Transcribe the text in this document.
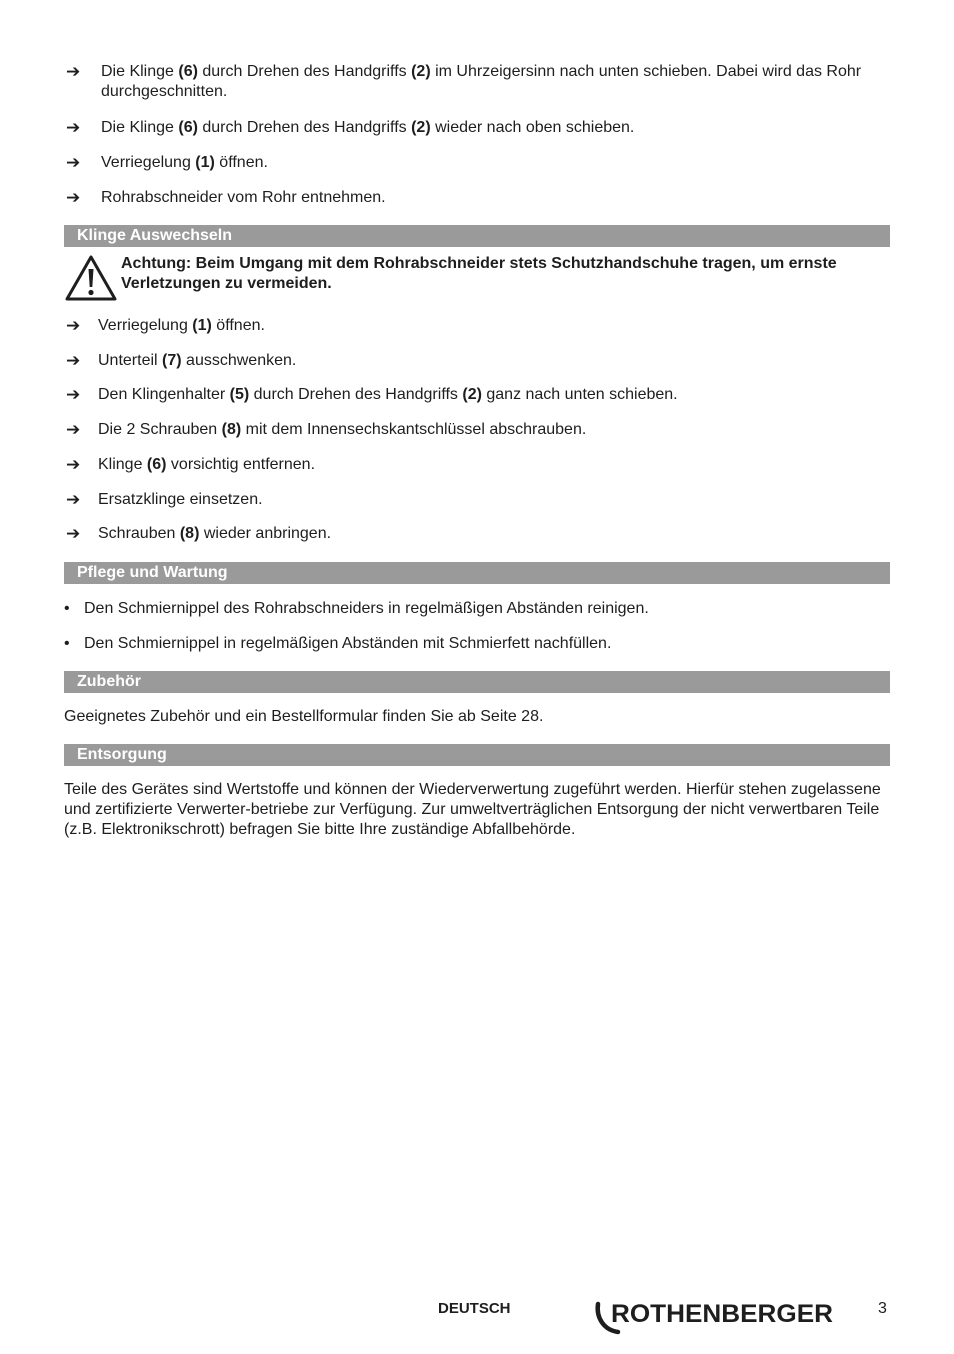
➔	Die Klinge (6) durch Drehen des Handgriffs (2) im Uhrzeigersinn nach unten schieben. Dabei wird das Rohr durchgeschnitten.
➔	Die Klinge (6) durch Drehen des Handgriffs (2) wieder nach oben schieben.
➔	Verriegelung (1) öffnen.
➔	Rohrabschneider vom Rohr entnehmen.
Klinge Auswechseln
Achtung: Beim Umgang mit dem Rohrabschneider stets Schutzhandschuhe tragen, um ernste Verletzungen zu vermeiden.
➔	Verriegelung (1) öffnen.
➔	Unterteil (7) ausschwenken.
➔	Den Klingenhalter (5) durch Drehen des Handgriffs (2) ganz nach unten schieben.
➔	Die 2 Schrauben (8) mit dem Innensechskantschlüssel abschrauben.
➔	Klinge (6) vorsichtig entfernen.
➔	Ersatzklinge einsetzen.
➔	Schrauben (8) wieder anbringen.
Pflege und Wartung
• Den Schmiernippel des Rohrabschneiders in regelmäßigen Abständen reinigen.
• Den Schmiernippel in regelmäßigen Abständen mit Schmierfett nachfüllen.
Zubehör
Geeignetes Zubehör und ein Bestellformular finden Sie ab Seite 28.
Entsorgung
Teile des Gerätes sind Wertstoffe und können der Wiederverwertung zugeführt werden. Hierfür stehen zugelassene und zertifizierte Verwerter-betriebe zur Verfügung. Zur umweltverträglichen Entsorgung der nicht verwertbaren Teile (z.B. Elektronikschrott) befragen Sie bitte Ihre zuständige Abfallbehörde.
DEUTSCH	ROTHENBERGER	3
